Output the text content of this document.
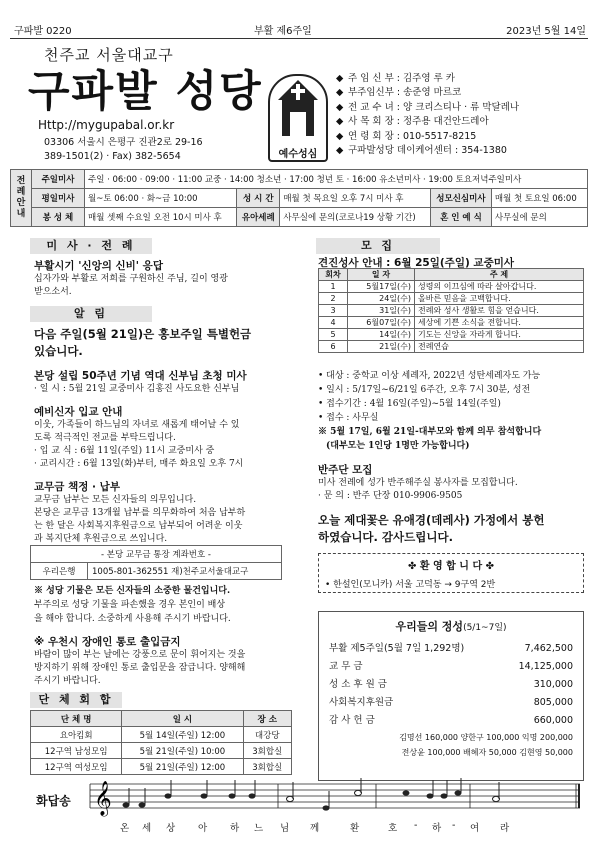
구파발 0220	부활 제6주일	2023년 5월 14일
천주교 서울대교구
구파발 성당
Http://mygupabal.or.kr
03306 서울시 은평구 진관2로 29-16
389-1501(2) · Fax) 382-5654	예수성심
◆ 주 임 신 부 : 김주영 루 카
◆ 부주임신부 : 송준영 마르코
◆ 전 교 수 녀 : 양 크리스티나 · 류 막달레나
◆ 사 목 회 장 : 정주용 대건안드레아
◆ 연 령 회 장 : 010-5517-8215
◆ 구파발성당 데이케어센터 : 354-1380
전례안내	주일미사	주일 · 06:00 · 09:00 · 11:00 교중 · 14:00 청소년 · 17:00 청년 토 · 16:00 유소년미사 · 19:00 토요저녁주일미사				
	평일미사	월~토 06:00 · 화~금 10:00	성 시 간	매월 첫 목요일 오후 7시 미사 후	성모신심미사	매월 첫 토요일 06:00
	봉 성 체	매월 셋째 수요일 오전 10시 미사 후	유아세례	사무실에 문의(코로나19 상황 기간)	혼 인 예 식	사무실에 문의
미 사 · 전 례
부활시기 '신앙의 신비' 응답
십자가와 부활로 저희를 구원하신 주님, 길이 영광
받으소서.
알 림
다음 주일(5월 21일)은 홍보주일 특별헌금
있습니다.
본당 설립 50주년 기념 역대 신부님 초청 미사
· 일 시 : 5월 21일 교중미사 김홍진 사도요한 신부님
예비신자 입교 안내
이웃, 가족들이 하느님의 자녀로 새롭게 태어날 수 있
도록 적극적인 전교를 부탁드립니다.
· 입 교 식 : 6월 11일(주일) 11시 교중미사 중
· 교리시간 : 6월 13일(화)부터, 매주 화요일 오후 7시
교무금 책정 · 납부
교무금 납부는 모든 신자들의 의무입니다.
본당은 교무금 13개월 납부를 의무화하여 처음 납부하
는 한 달은 사회복지후원금으로 납부되어 어려운 이웃
과 복지단체 후원금으로 쓰입니다.
- 본당 교무금 통장 계좌번호 -
우리은행	1005-801-362551 재)천주교서울대교구
※ 성당 기물은 모든 신자들의 소중한 물건입니다.
부주의로 성당 기물을 파손했을 경우 본인이 배상
을 해야 합니다. 소중하게 사용해 주시기 바랍니다.
※ 우천시 장애인 통로 출입금지
바람이 많이 부는 날에는 강풍으로 문이 휘어지는 것을
방지하기 위해 장애인 통로 출입문을 잠급니다. 양해해
주시기 바랍니다.
단 체 회 합
단 체 명	일 시	장 소
요아킴회	5월 14일(주일) 12:00	대강당
12구역 남성모임	5월 21일(주일) 10:00	3회합실
12구역 여성모임	5월 21일(주일) 12:00	3회합실
모 집
견진성사 안내 : 6월 25일(주일) 교중미사
회차	일 자	주 제
1	5월17일(수)	성령의 이끄심에 따라 살아갑니다.
2	24일(수)	올바른 믿음을 고백합니다.
3	31일(수)	전례와 성사 생활로 힘을 얻습니다.
4	6월07일(수)	세상에 기쁜 소식을 전합니다.
5	14일(수)	기도는 신앙을 자라게 합니다.
6	21일(수)	전례연습
• 대상 : 중학교 이상 세례자, 2022년 성탄세례자도 가능
• 일시 : 5/17일~6/21일 6주간, 오후 7시 30분, 성전
• 접수기간 : 4월 16일(주일)~5월 14일(주일)
• 접수 : 사무실
※ 5월 17일, 6월 21일-대부모와 함께 의무 참석합니다
(대부모는 1인당 1명만 가능합니다)
반주단 모집
미사 전례에 성가 반주해주실 봉사자를 모집합니다.
· 문 의 : 반주 단장 010-9906-9505
오늘 제대꽃은 유애경(데레사) 가정에서 봉헌
하였습니다. 감사드립니다.
✤ 환 영 합 니 다 ✤
• 한설인(모니카) 서울 고덕동 → 9구역 2반
우리들의 정성(5/1~7일)
부활 제5주일(5월 7일 1,292명)	7,462,500
교 무 금	14,125,000
성 소 후 원 금	310,000
사회복지후원금	805,000
감 사 헌 금	660,000
김명선 160,000 양한구 100,000 익명 200,000
전상윤 100,000 배혜자 50,000 김현영 50,000
화답송 𝄞
온 세 상 아 하 느 님 께	환	호 - 하 - 여 라
